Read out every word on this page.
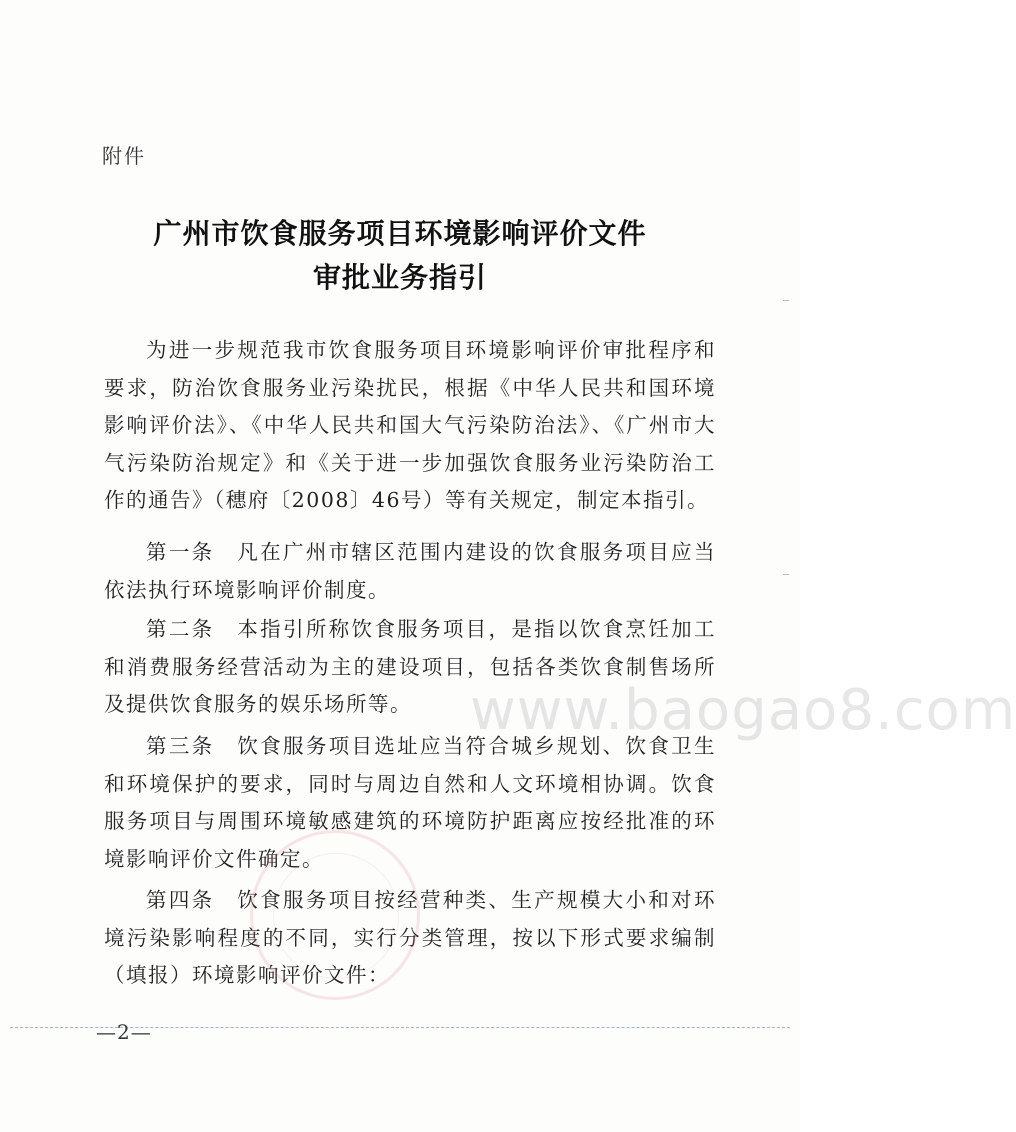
附件
广州市饮食服务项目环境影响评价文件
审批业务指引
为进一步规范我市饮食服务项目环境影响评价审批程序和要求，防治饮食服务业污染扰民，根据《中华人民共和国环境影响评价法》、《中华人民共和国大气污染防治法》、《广州市大气污染防治规定》和《关于进一步加强饮食服务业污染防治工作的通告》（穗府〔2008〕46号）等有关规定，制定本指引。
第一条　凡在广州市辖区范围内建设的饮食服务项目应当依法执行环境影响评价制度。
第二条　本指引所称饮食服务项目，是指以饮食烹饪加工和消费服务经营活动为主的建设项目，包括各类饮食制售场所及提供饮食服务的娱乐场所等。
第三条　饮食服务项目选址应当符合城乡规划、饮食卫生和环境保护的要求，同时与周边自然和人文环境相协调。饮食服务项目与周围环境敏感建筑的环境防护距离应按经批准的环境影响评价文件确定。
第四条　饮食服务项目按经营种类、生产规模大小和对环境污染影响程度的不同，实行分类管理，按以下形式要求编制（填报）环境影响评价文件：
www.baogao8.com
—2—
